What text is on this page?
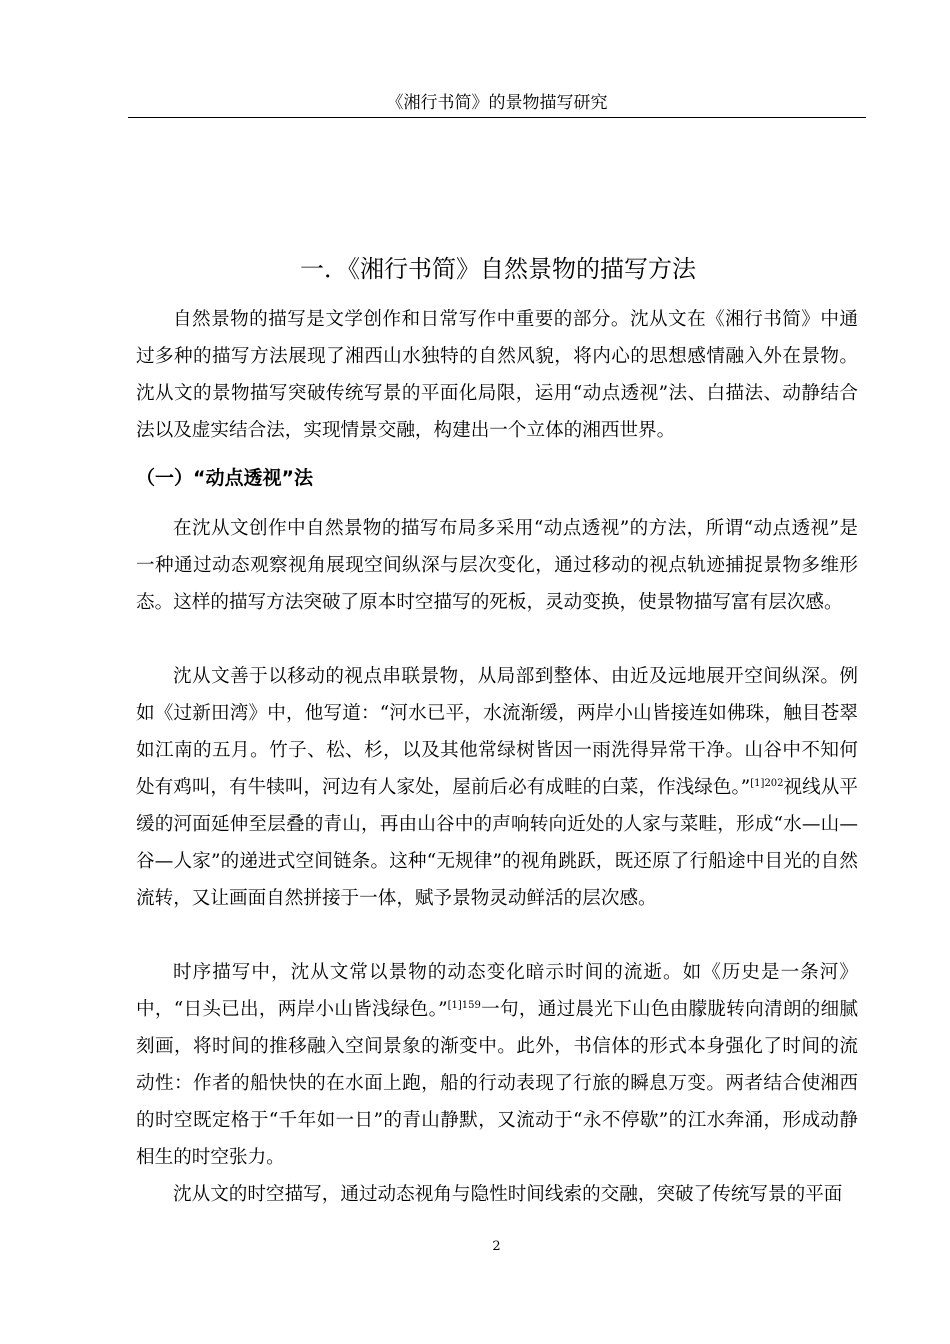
《湘行书简》的景物描写研究
一．《湘行书简》自然景物的描写方法

自然景物的描写是文学创作和日常写作中重要的部分。沈从文在《湘行书简》中通过多种的描写方法展现了湘西山水独特的自然风貌，将内心的思想感情融入外在景物。沈从文的景物描写突破传统写景的平面化局限，运用“动点透视”法、白描法、动静结合法以及虚实结合法，实现情景交融，构建出一个立体的湘西世界。

（一）“动点透视”法

在沈从文创作中自然景物的描写布局多采用“动点透视”的方法，所谓“动点透视”是一种通过动态观察视角展现空间纵深与层次变化，通过移动的视点轨迹捕捉景物多维形态。这样的描写方法突破了原本时空描写的死板，灵动变换，使景物描写富有层次感。

沈从文善于以移动的视点串联景物，从局部到整体、由近及远地展开空间纵深。例如《过新田湾》中，他写道：“河水已平，水流渐缓，两岸小山皆接连如佛珠，触目苍翠如江南的五月。竹子、松、杉，以及其他常绿树皆因一雨洗得异常干净。山谷中不知何处有鸡叫，有牛犊叫，河边有人家处，屋前后必有成畦的白菜，作浅绿色。”$^{[1]202}$视线从平缓的河面延伸至层叠的青山，再由山谷中的声响转向近处的人家与菜畦，形成“水—山—谷—人家”的递进式空间链条。这种“无规律”的视角跳跃，既还原了行船途中目光的自然流转，又让画面自然拼接于一体，赋予景物灵动鲜活的层次感。

时序描写中，沈从文常以景物的动态变化暗示时间的流逝。如《历史是一条河》中，“日头已出，两岸小山皆浅绿色。”$^{[1]159}$一句，通过晨光下山色由朦胧转向清朗的细腻刻画，将时间的推移融入空间景象的渐变中。此外，书信体的形式本身强化了时间的流动性：作者的船快快的在水面上跑，船的行动表现了行旅的瞬息万变。两者结合使湘西的时空既定格于“千年如一日”的青山静默，又流动于“永不停歇”的江水奔涌，形成动静相生的时空张力。

沈从文的时空描写，通过动态视角与隐性时间线索的交融，突破了传统写景的平面

2
